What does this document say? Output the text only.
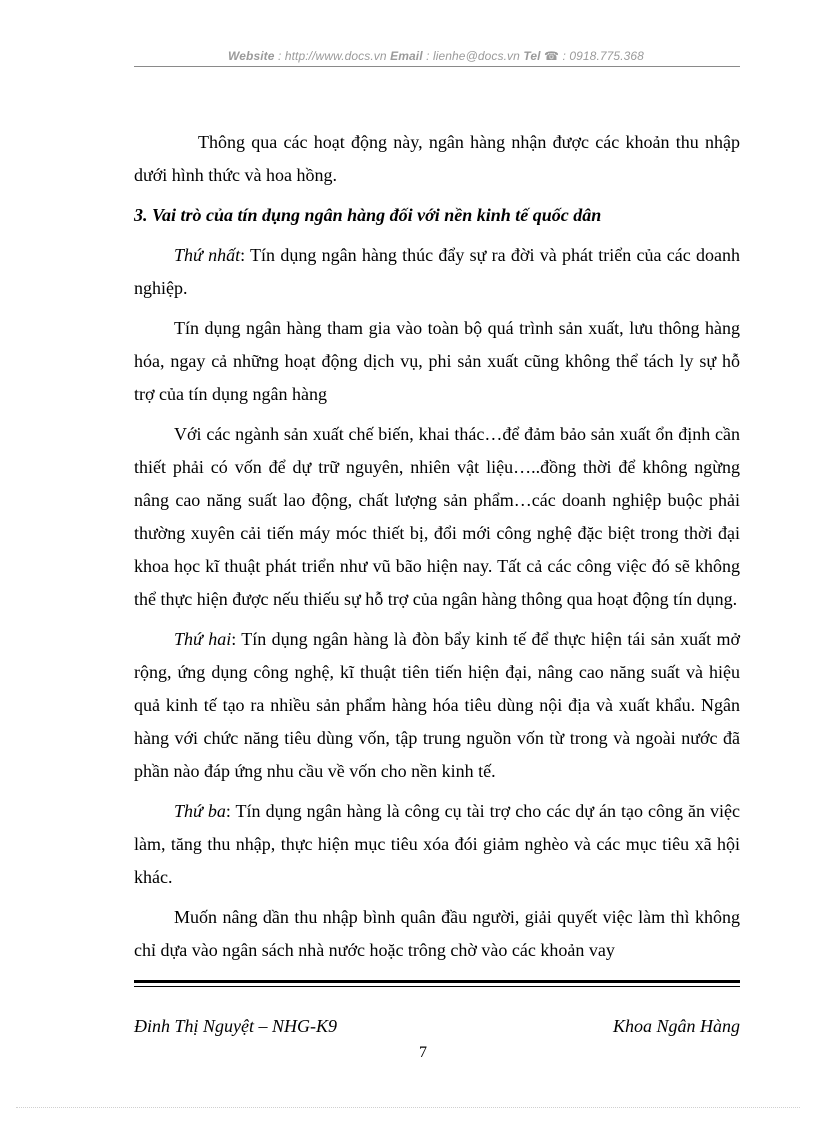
Website : http://www.docs.vn Email : lienhe@docs.vn Tel ☎ : 0918.775.368

Thông qua các hoạt động này, ngân hàng nhận được các khoản thu nhập dưới hình thức và hoa hồng.

3. Vai trò của tín dụng ngân hàng đối với nền kinh tế quốc dân

Thứ nhất: Tín dụng ngân hàng thúc đẩy sự ra đời và phát triển của các doanh nghiệp.

Tín dụng ngân hàng tham gia vào toàn bộ quá trình sản xuất, lưu thông hàng hóa, ngay cả những hoạt động dịch vụ, phi sản xuất cũng không thể tách ly sự hỗ trợ của tín dụng ngân hàng

Với các ngành sản xuất chế biến, khai thác…để đảm bảo sản xuất ổn định cần thiết phải có vốn để dự trữ nguyên, nhiên vật liệu…..đồng thời để không ngừng nâng cao năng suất lao động, chất lượng sản phẩm…các doanh nghiệp buộc phải thường xuyên cải tiến máy móc thiết bị, đổi mới công nghệ đặc biệt trong thời đại khoa học kĩ thuật phát triển như vũ bão hiện nay. Tất cả các công việc đó sẽ không thể thực hiện được nếu thiếu sự hỗ trợ của ngân hàng thông qua hoạt động tín dụng.

Thứ hai: Tín dụng ngân hàng là đòn bẩy kinh tế để thực hiện tái sản xuất mở rộng, ứng dụng công nghệ, kĩ thuật tiên tiến hiện đại, nâng cao năng suất và hiệu quả kinh tế tạo ra nhiều sản phẩm hàng hóa tiêu dùng nội địa và xuất khẩu. Ngân hàng với chức năng tiêu dùng vốn, tập trung nguồn vốn từ trong và ngoài nước đã phần nào đáp ứng nhu cầu về vốn cho nền kinh tế.

Thứ ba: Tín dụng ngân hàng là công cụ tài trợ cho các dự án tạo công ăn việc làm, tăng thu nhập, thực hiện mục tiêu xóa đói giảm nghèo và các mục tiêu xã hội khác.

Muốn nâng dần thu nhập bình quân đầu người, giải quyết việc làm thì không chỉ dựa vào ngân sách nhà nước hoặc trông chờ vào các khoản vay

Đinh Thị Nguyệt – NHG-K9	Khoa Ngân Hàng
7
